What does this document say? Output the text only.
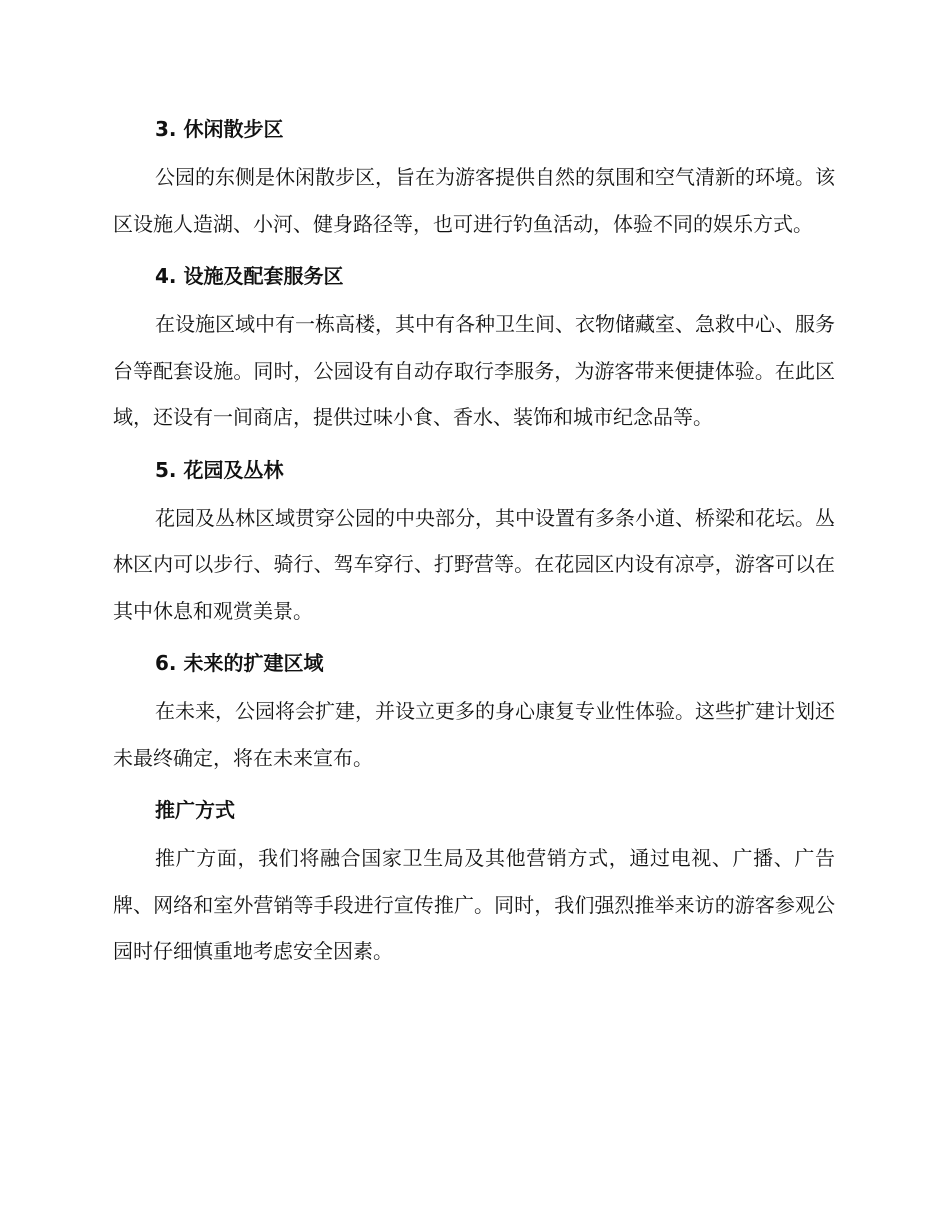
3. 休闲散步区

公园的东侧是休闲散步区，旨在为游客提供自然的氛围和空气清新的环境。该区设施人造湖、小河、健身路径等，也可进行钓鱼活动，体验不同的娱乐方式。

4. 设施及配套服务区

在设施区域中有一栋高楼，其中有各种卫生间、衣物储藏室、急救中心、服务台等配套设施。同时，公园设有自动存取行李服务，为游客带来便捷体验。在此区域，还设有一间商店，提供过味小食、香水、装饰和城市纪念品等。

5. 花园及丛林

花园及丛林区域贯穿公园的中央部分，其中设置有多条小道、桥梁和花坛。丛林区内可以步行、骑行、驾车穿行、打野营等。在花园区内设有凉亭，游客可以在其中休息和观赏美景。

6. 未来的扩建区域

在未来，公园将会扩建，并设立更多的身心康复专业性体验。这些扩建计划还未最终确定，将在未来宣布。

推广方式

推广方面，我们将融合国家卫生局及其他营销方式，通过电视、广播、广告牌、网络和室外营销等手段进行宣传推广。同时，我们强烈推举来访的游客参观公园时仔细慎重地考虑安全因素。
